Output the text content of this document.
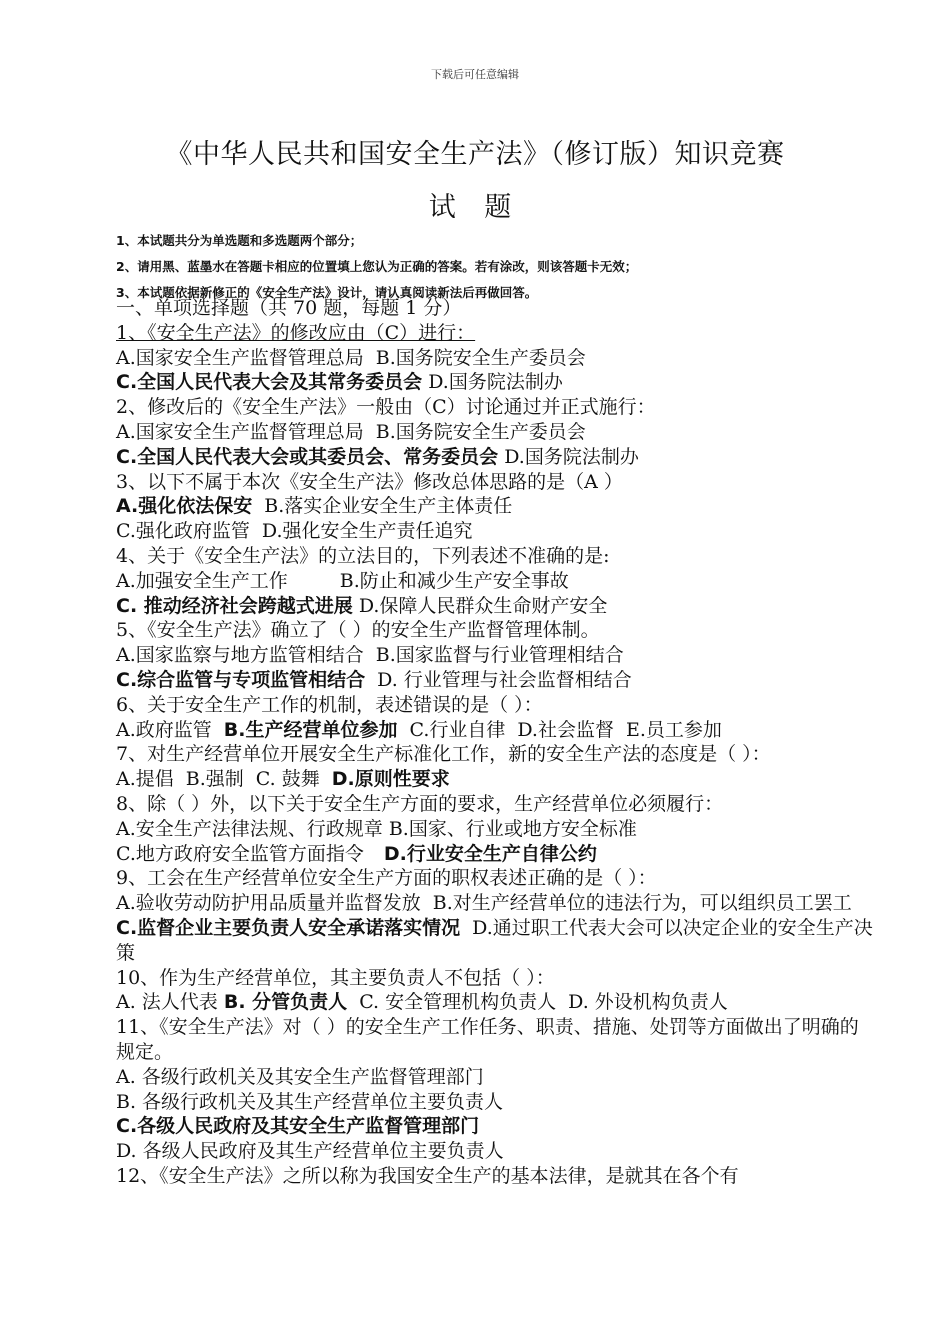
下载后可任意编辑
《中华人民共和国安全生产法》（修订版）知识竞赛
试 题
1、本试题共分为单选题和多选题两个部分；
2、请用黑、蓝墨水在答题卡相应的位置填上您认为正确的答案。若有涂改，则该答题卡无效；
3、本试题依据新修正的《安全生产法》设计，请认真阅读新法后再做回答。
一、单项选择题（共 70 题，每题 1 分）
1、《安全生产法》的修改应由（C）进行：
A.国家安全生产监督管理总局 B.国务院安全生产委员会
C.全国人民代表大会及其常务委员会 D.国务院法制办
2、修改后的《安全生产法》一般由（C）讨论通过并正式施行：
A.国家安全生产监督管理总局 B.国务院安全生产委员会
C.全国人民代表大会或其委员会、常务委员会 D.国务院法制办
3、以下不属于本次《安全生产法》修改总体思路的是（A ）
A.强化依法保安 B.落实企业安全生产主体责任
C.强化政府监管 D.强化安全生产责任追究
4、关于《安全生产法》的立法目的，下列表述不准确的是:
A.加强安全生产工作	B.防止和减少生产安全事故
C. 推动经济社会跨越式进展 D.保障人民群众生命财产安全
5、《安全生产法》确立了（ ）的安全生产监督管理体制。
A.国家监察与地方监管相结合 B.国家监督与行业管理相结合
C.综合监管与专项监管相结合 D. 行业管理与社会监督相结合
6、关于安全生产工作的机制，表述错误的是（ ）：
A.政府监管 B.生产经营单位参加 C.行业自律 D.社会监督 E.员工参加
7、对生产经营单位开展安全生产标准化工作，新的安全生产法的态度是（ ）：
A.提倡 B.强制 C. 鼓舞 D.原则性要求
8、除（ ）外，以下关于安全生产方面的要求，生产经营单位必须履行：
A.安全生产法律法规、行政规章 B.国家、行业或地方安全标准
C.地方政府安全监管方面指令 D.行业安全生产自律公约
9、工会在生产经营单位安全生产方面的职权表述正确的是（ ）：
A.验收劳动防护用品质量并监督发放 B.对生产经营单位的违法行为，可以组织员工罢工C.监督企业主要负责人安全承诺落实情况 D.通过职工代表大会可以决定企业的安全生产决策
10、作为生产经营单位，其主要负责人不包括（ ）：
A. 法人代表 B. 分管负责人 C. 安全管理机构负责人 D. 外设机构负责人
11、《安全生产法》对（ ）的安全生产工作任务、职责、措施、处罚等方面做出了明确的规定。
A. 各级行政机关及其安全生产监督管理部门
B. 各级行政机关及其生产经营单位主要负责人
C.各级人民政府及其安全生产监督管理部门
D. 各级人民政府及其生产经营单位主要负责人
12、《安全生产法》之所以称为我国安全生产的基本法律，是就其在各个有
